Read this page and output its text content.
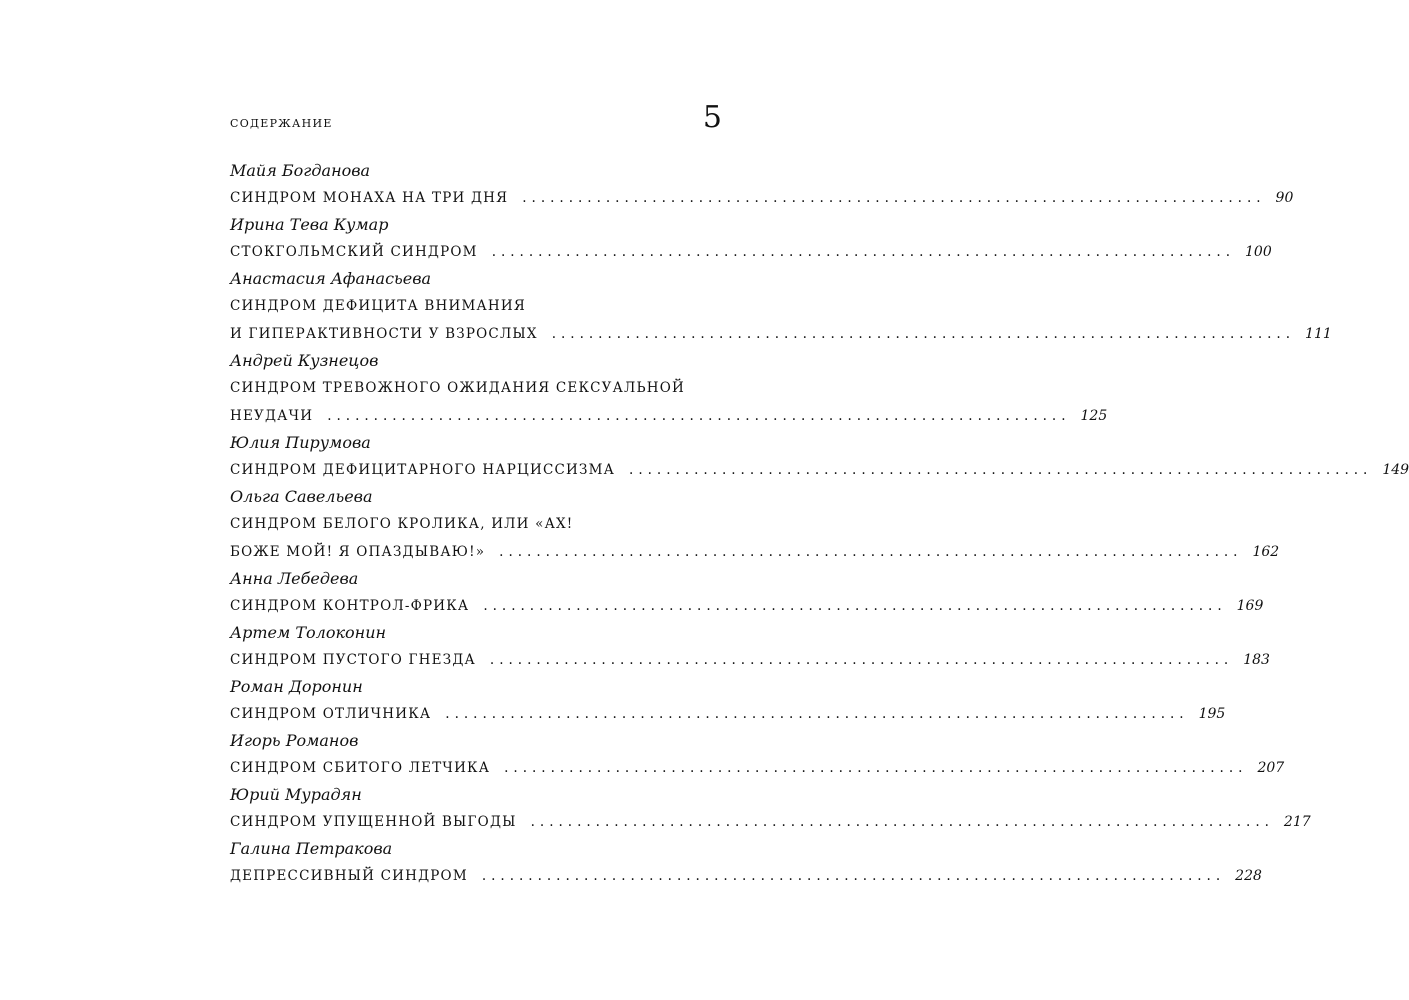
СОДЕРЖАНИЕ	5
Майя Богданова
СИНДРОМ МОНАХА НА ТРИ ДНЯ ................................................................................ 90
Ирина Тева Кумар
СТОКГОЛЬМСКИЙ СИНДРОМ ................................................................................ 100
Анастасия Афанасьева
СИНДРОМ ДЕФИЦИТА ВНИМАНИЯ
И ГИПЕРАКТИВНОСТИ У ВЗРОСЛЫХ ................................................................................ 111
Андрей Кузнецов
СИНДРОМ ТРЕВОЖНОГО ОЖИДАНИЯ СЕКСУАЛЬНОЙ
НЕУДАЧИ ................................................................................ 125
Юлия Пирумова
СИНДРОМ ДЕФИЦИТАРНОГО НАРЦИССИЗМА ................................................................................ 149
Ольга Савельева
СИНДРОМ БЕЛОГО КРОЛИКА, ИЛИ «АХ!
БОЖЕ МОЙ! Я ОПАЗДЫВАЮ!» ................................................................................ 162
Анна Лебедева
СИНДРОМ КОНТРОЛ-ФРИКА ................................................................................ 169
Артем Толоконин
СИНДРОМ ПУСТОГО ГНЕЗДА ................................................................................ 183
Роман Доронин
СИНДРОМ ОТЛИЧНИКА ................................................................................ 195
Игорь Романов
СИНДРОМ СБИТОГО ЛЕТЧИКА ................................................................................ 207
Юрий Мурадян
СИНДРОМ УПУЩЕННОЙ ВЫГОДЫ ................................................................................ 217
Галина Петракова
ДЕПРЕССИВНЫЙ СИНДРОМ ................................................................................ 228
